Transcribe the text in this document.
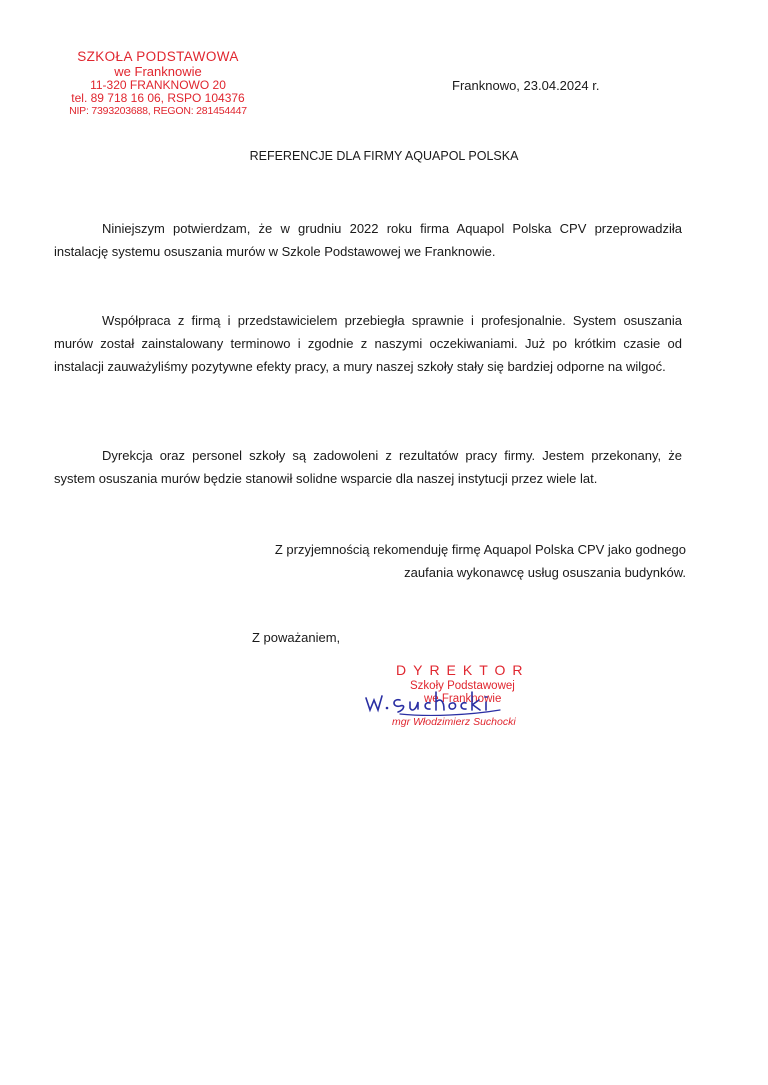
SZKOŁA PODSTAWOWA
we Franknowie
11-320 FRANKNOWO 20
tel. 89 718 16 06, RSPO 104376
NIP: 7393203688, REGON: 281454447
Franknowo, 23.04.2024 r.
REFERENCJE DLA FIRMY AQUAPOL POLSKA

Niniejszym potwierdzam, że w grudniu 2022 roku firma Aquapol Polska CPV przeprowadziła instalację systemu osuszania murów w Szkole Podstawowej we Franknowie.

Współpraca z firmą i przedstawicielem przebiegła sprawnie i profesjonalnie. System osuszania murów został zainstalowany terminowo i zgodnie z naszymi oczekiwaniami. Już po krótkim czasie od instalacji zauważyliśmy pozytywne efekty pracy, a mury naszej szkoły stały się bardziej odporne na wilgoć.

Dyrekcja oraz personel szkoły są zadowoleni z rezultatów pracy firmy. Jestem przekonany, że system osuszania murów będzie stanowił solidne wsparcie dla naszej instytucji przez wiele lat.

Z przyjemnością rekomenduję firmę Aquapol Polska CPV jako godnego zaufania wykonawcę usług osuszania budynków.

Z poważaniem,
DYREKTOR
Szkoły Podstawowej
we Franknowie
mgr Włodzimierz Suchocki
